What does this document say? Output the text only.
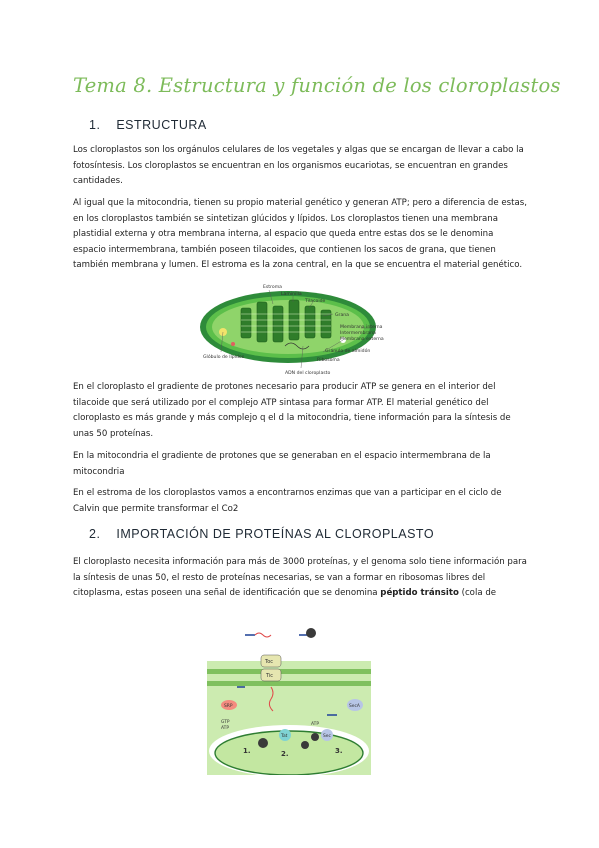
Tema 8. Estructura y función de los cloroplastos
1. ESTRUCTURA

Los cloroplastos son los orgánulos celulares de los vegetales y algas que se encargan de llevar a cabo la fotosíntesis. Los cloroplastos se encuentran en los organismos eucariotas, se encuentran en grandes cantidades.

Al igual que la mitocondria, tienen su propio material genético y generan ATP; pero a diferencia de estas, en los cloroplastos también se sintetizan glúcidos y lípidos. Los cloroplastos tienen una membrana plastidial externa y otra membrana interna, al espacio que queda entre estas dos se le denomina espacio intermembrana, también poseen tilacoides, que contienen los sacos de grana, que tienen también membrana y lumen. El estroma es la zona central, en la que se encuentra el material genético.

Estroma
Laminilla
Tilacoide
Grana
Membrana interna
Intermembrana
Membrana externa
Gránulo de almidón
Ribosoma
ADN del cloroplasto
Glóbulo de lípidos

En el cloroplasto el gradiente de protones necesario para producir ATP se genera en el interior del tilacoide que será utilizado por el complejo ATP sintasa para formar ATP. El material genético del cloroplasto es más grande y más complejo q el d la mitocondria, tiene información para la síntesis de unas 50 proteínas.

En la mitocondria el gradiente de protones que se generaban en el espacio intermembrana de la mitocondria

En el estroma de los cloroplastos vamos a encontrarnos enzimas que van a participar en el ciclo de Calvin que permite transformar el Co2

2. IMPORTACIÓN DE PROTEÍNAS AL CLOROPLASTO

El cloroplasto necesita información para más de 3000 proteínas, y el genoma solo tiene información para la síntesis de unas 50, el resto de proteínas necesarias, se van a formar en ribosomas libres del citoplasma, estas poseen una señal de identificación que se denomina péptido tránsito (cola de

Toc
Tic
SRP	SecA
GTP
ATP
ATP
Tat	Sec
1.	2.	3.
